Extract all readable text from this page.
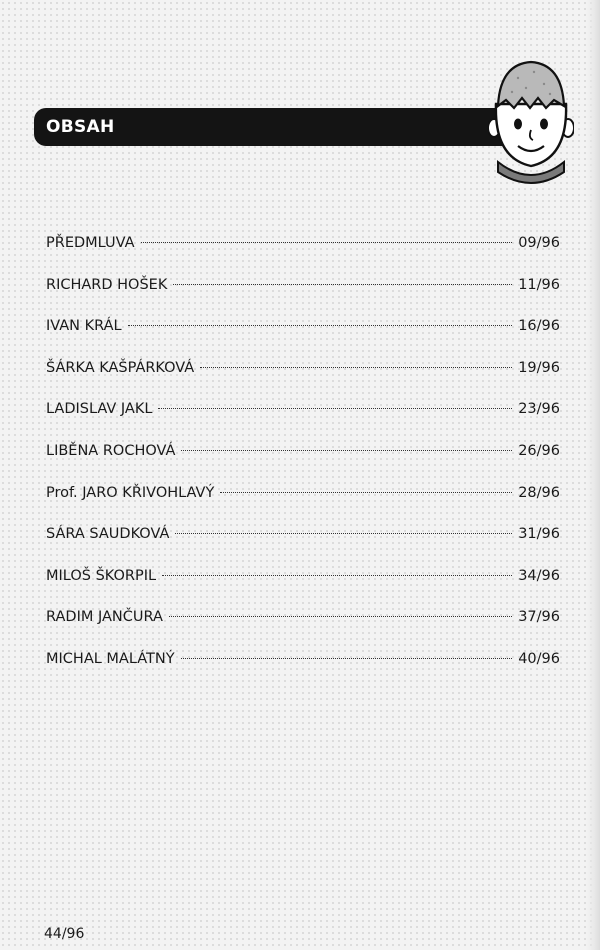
OBSAH
PŘEDMLUVA	09/96
RICHARD HOŠEK	11/96
IVAN KRÁL	16/96
ŠÁRKA KAŠPÁRKOVÁ	19/96
LADISLAV JAKL	23/96
LIBĚNA ROCHOVÁ	26/96
Prof. JARO KŘIVOHLAVÝ	28/96
SÁRA SAUDKOVÁ	31/96
MILOŠ ŠKORPIL	34/96
RADIM JANČURA	37/96
MICHAL MALÁTNÝ	40/96
44/96
